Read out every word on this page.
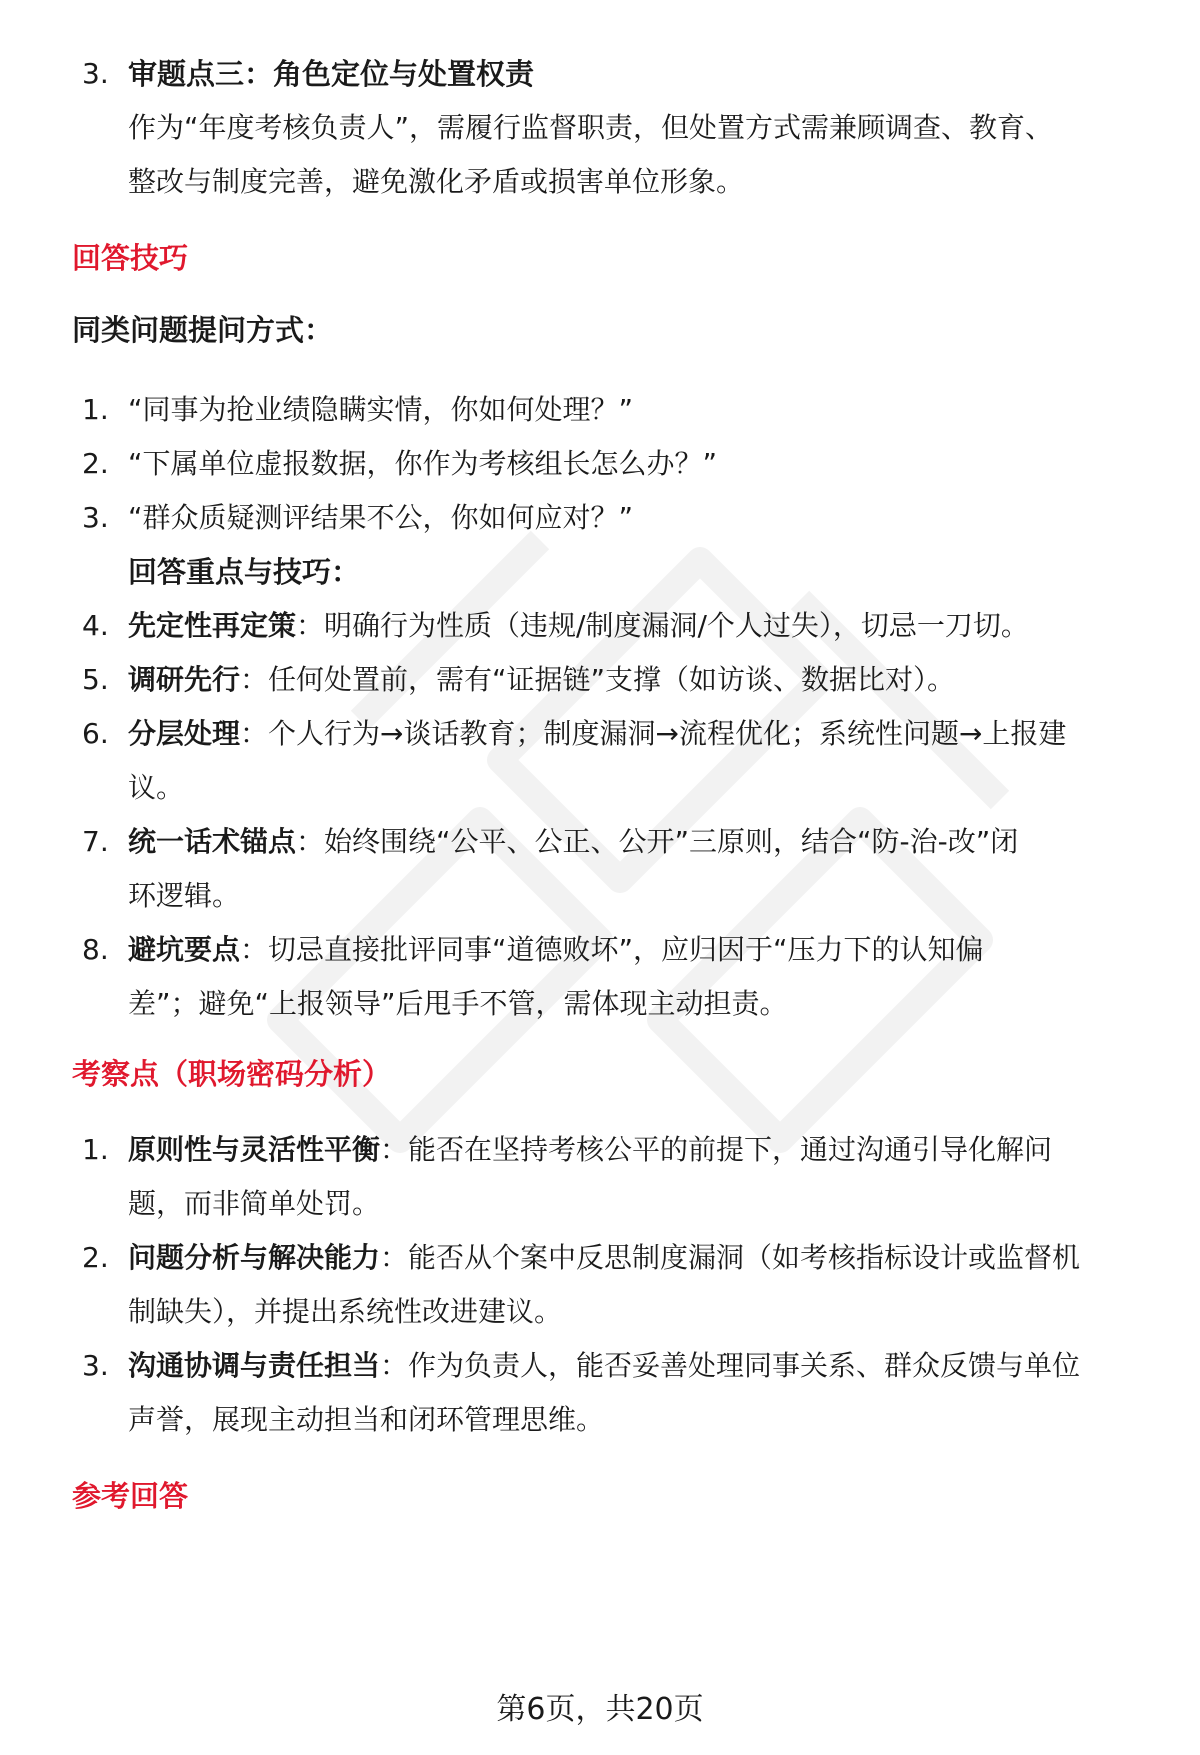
3. 审题点三：角色定位与处置权责
作为“年度考核负责人”，需履行监督职责，但处置方式需兼顾调查、教育、
整改与制度完善，避免激化矛盾或损害单位形象。
回答技巧
同类问题提问方式：
1. “同事为抢业绩隐瞒实情，你如何处理？”
2. “下属单位虚报数据，你作为考核组长怎么办？”
3. “群众质疑测评结果不公，你如何应对？”
回答重点与技巧：
4. 先定性再定策：明确行为性质（违规/制度漏洞/个人过失），切忌一刀切。
5. 调研先行：任何处置前，需有“证据链”支撑（如访谈、数据比对）。
6. 分层处理：个人行为→谈话教育；制度漏洞→流程优化；系统性问题→上报建
议。
7. 统一话术锚点：始终围绕“公平、公正、公开”三原则，结合“防-治-改”闭
环逻辑。
8. 避坑要点：切忌直接批评同事“道德败坏”，应归因于“压力下的认知偏
差”；避免“上报领导”后甩手不管，需体现主动担责。
考察点（职场密码分析）
1. 原则性与灵活性平衡：能否在坚持考核公平的前提下，通过沟通引导化解问
题，而非简单处罚。
2. 问题分析与解决能力：能否从个案中反思制度漏洞（如考核指标设计或监督机
制缺失），并提出系统性改进建议。
3. 沟通协调与责任担当：作为负责人，能否妥善处理同事关系、群众反馈与单位
声誉，展现主动担当和闭环管理思维。
参考回答
第6页，共20页
